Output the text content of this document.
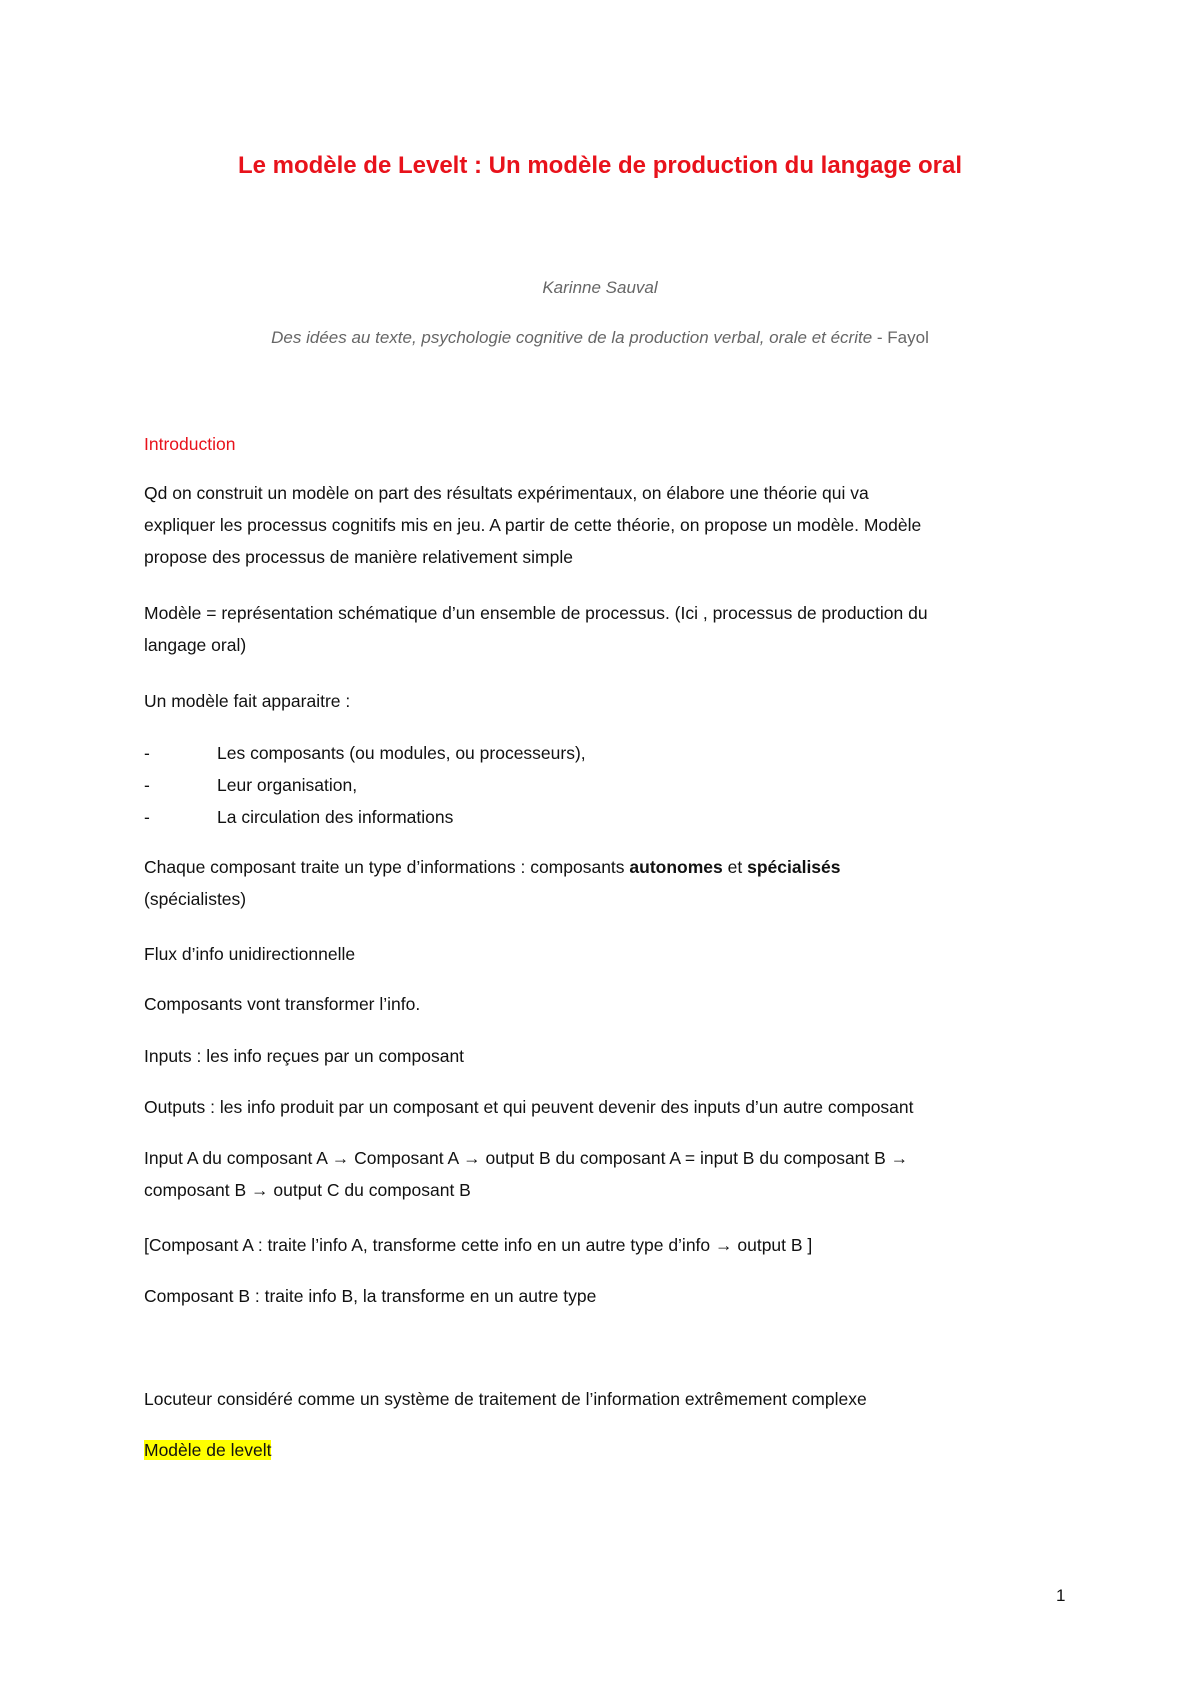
Le modèle de Levelt : Un modèle de production du langage oral
Karinne Sauval
Des idées au texte, psychologie cognitive de la production verbal, orale et écrite - Fayol
Introduction
Qd on construit un modèle on part des résultats expérimentaux, on élabore une théorie qui va
expliquer les processus cognitifs mis en jeu. A partir de cette théorie, on propose un modèle. Modèle
propose des processus de manière relativement simple
Modèle = représentation schématique d’un ensemble de processus. (Ici , processus de production du
langage oral)
Un modèle fait apparaitre :
-	Les composants (ou modules, ou processeurs),
-	Leur organisation,
-	La circulation des informations
Chaque composant traite un type d’informations : composants autonomes et spécialisés
(spécialistes)
Flux d’info unidirectionnelle
Composants vont transformer l’info.
Inputs : les info reçues par un composant
Outputs : les info produit par un composant et qui peuvent devenir des inputs d’un autre composant
Input A du composant A → Composant A → output B du composant A = input B du composant B →
composant B → output C du composant B
[Composant A : traite l’info A, transforme cette info en un autre type d’info → output B ]
Composant B : traite info B, la transforme en un autre type
Locuteur considéré comme un système de traitement de l’information extrêmement complexe
Modèle de levelt
1
